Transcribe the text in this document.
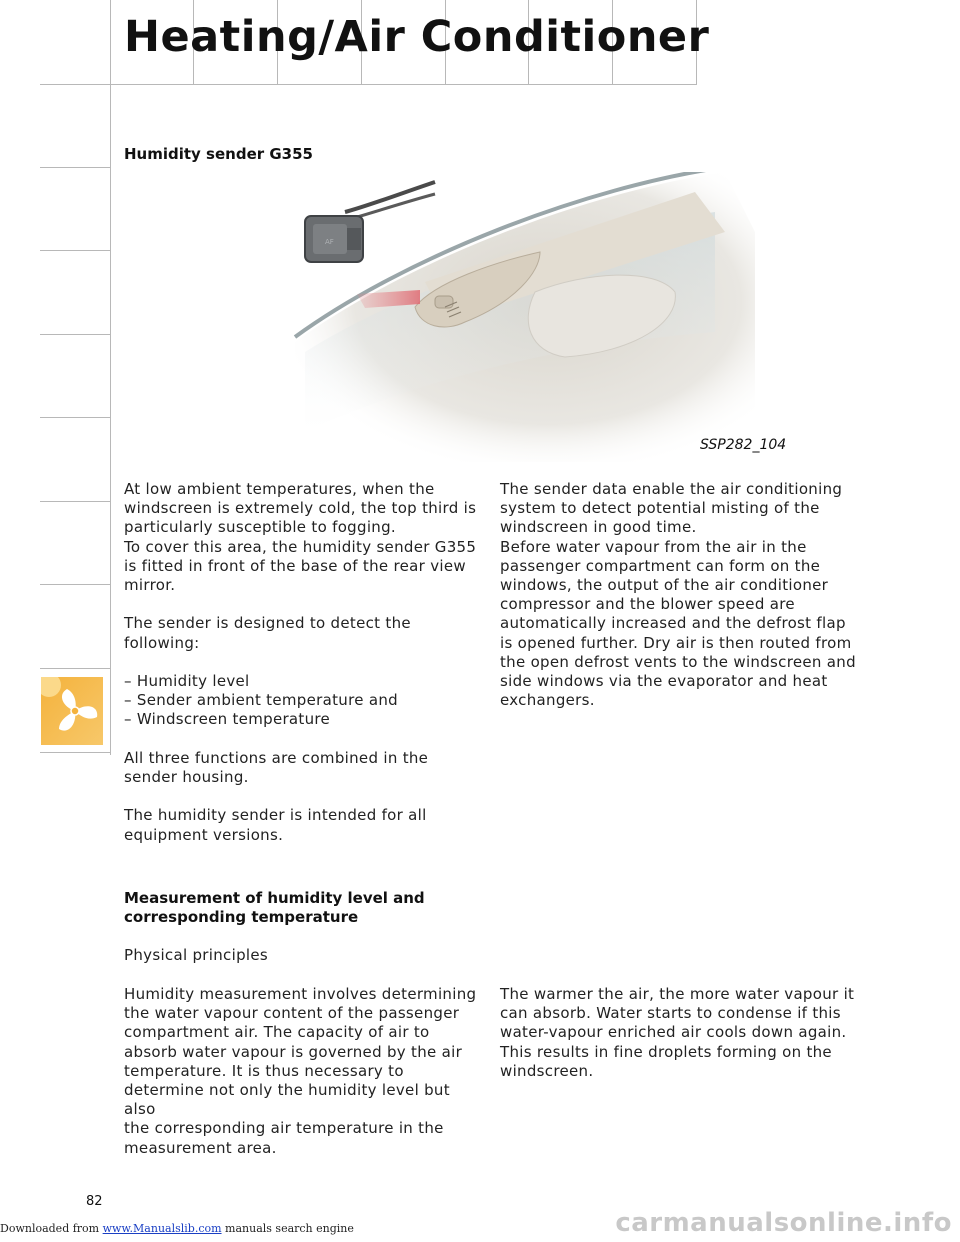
Heating/Air Conditioner
Humidity sender G355
AF
SSP282_104
At low ambient temperatures, when the
windscreen is extremely cold, the top third is
particularly susceptible to fogging.
To cover this area, the humidity sender G355
is fitted in front of the base of the rear view
mirror.

The sender is designed to detect the
following:

– Humidity level
– Sender ambient temperature and
– Windscreen temperature

All three functions are combined in the
sender housing.

The humidity sender is intended for all
equipment versions.
The sender data enable the air conditioning
system to detect potential misting of the
windscreen in good time.
Before water vapour from the air in the
passenger compartment can form on the
windows, the output of the air conditioner
compressor and the blower speed are
automatically increased and the defrost flap
is opened further. Dry air is then routed from
the open defrost vents to the windscreen and
side windows via the evaporator and heat
exchangers.
Measurement of humidity level and
corresponding temperature
Physical principles
Humidity measurement involves determining
the water vapour content of the passenger
compartment air. The capacity of air to
absorb water vapour is governed by the air
temperature. It is thus necessary to
determine not only the humidity level but also
the corresponding air temperature in the
measurement area.
The warmer the air, the more water vapour it
can absorb. Water starts to condense if this
water-vapour enriched air cools down again.
This results in fine droplets forming on the
windscreen.
82
Downloaded from www.Manualslib.com manuals search engine	carmanualsonline.info
